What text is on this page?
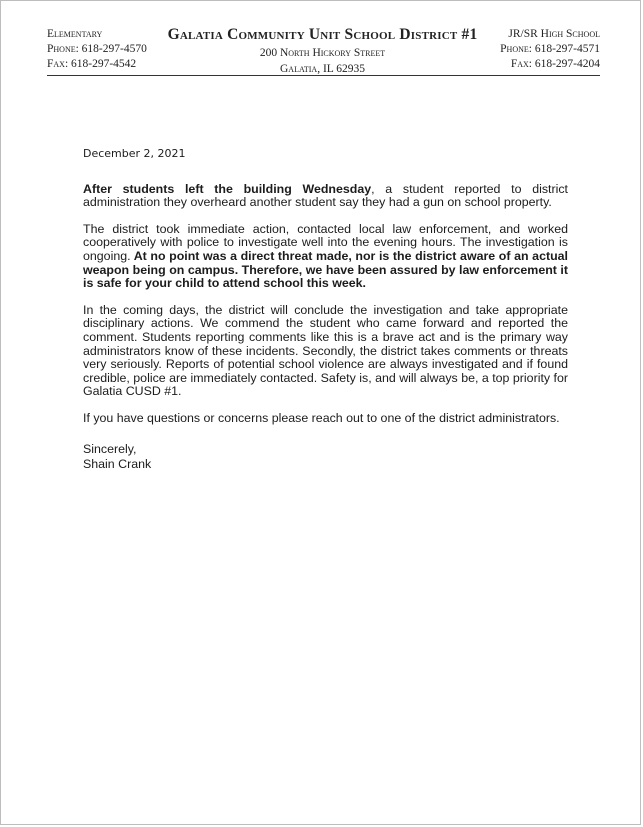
Elementary
Phone: 618-297-4570
Fax: 618-297-4542
Galatia Community Unit School District #1
200 North Hickory Street
Galatia, IL 62935
JR/SR High School
Phone: 618-297-4571
Fax: 618-297-4204
December 2, 2021

After students left the building Wednesday, a student reported to district administration they overheard another student say they had a gun on school property.

The district took immediate action, contacted local law enforcement, and worked cooperatively with police to investigate well into the evening hours. The investigation is ongoing. At no point was a direct threat made, nor is the district aware of an actual weapon being on campus. Therefore, we have been assured by law enforcement it is safe for your child to attend school this week.

In the coming days, the district will conclude the investigation and take appropriate disciplinary actions. We commend the student who came forward and reported the comment. Students reporting comments like this is a brave act and is the primary way administrators know of these incidents. Secondly, the district takes comments or threats very seriously. Reports of potential school violence are always investigated and if found credible, police are immediately contacted. Safety is, and will always be, a top priority for Galatia CUSD #1.

If you have questions or concerns please reach out to one of the district administrators.

Sincerely,
Shain Crank
